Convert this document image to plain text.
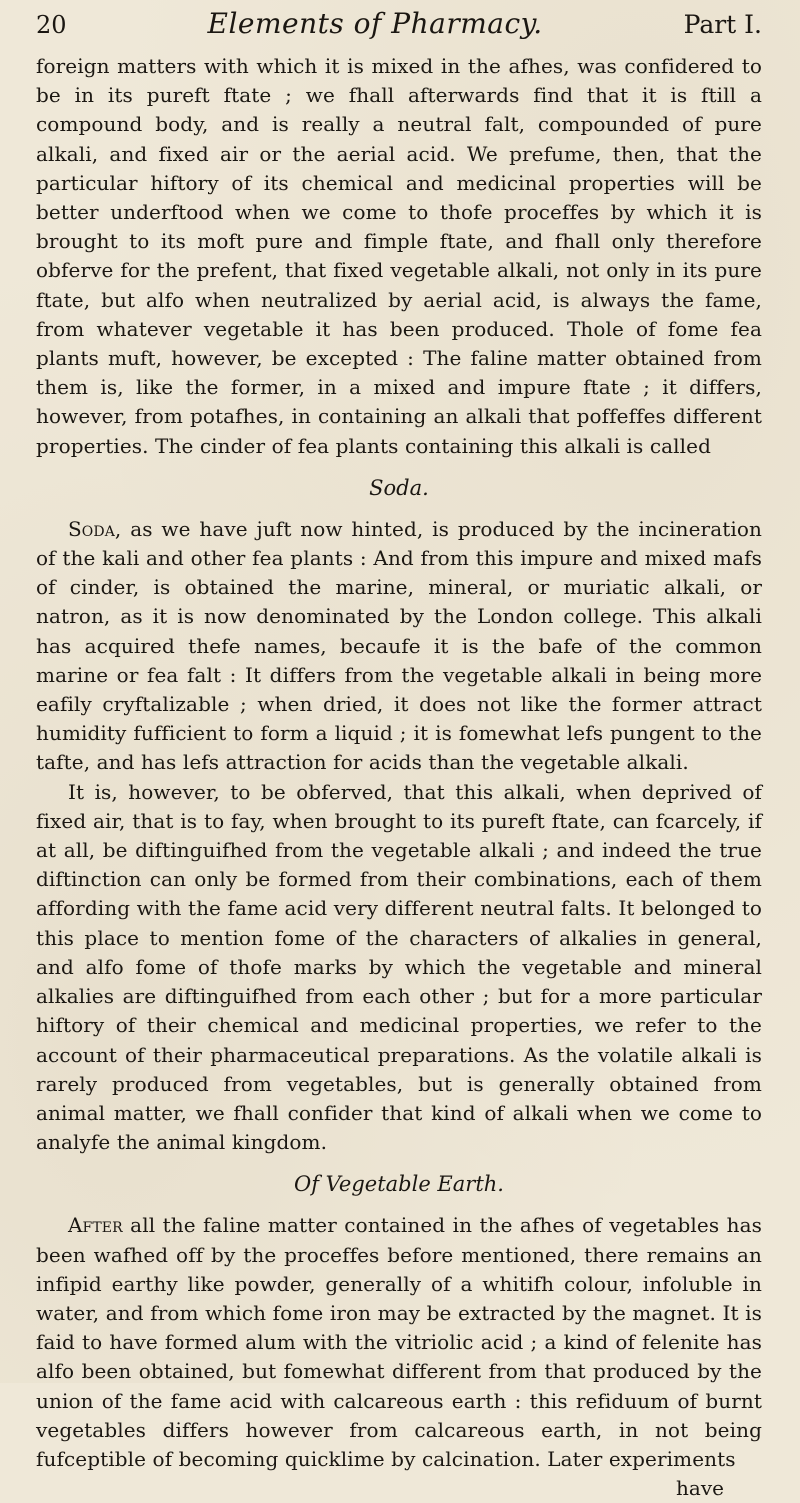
20	Elements of Pharmacy.	Part I.

foreign matters with which it is mixed in the afhes, was confidered to be in its pureft ftate ; we fhall afterwards find that it is ftill a compound body, and is really a neutral falt, compounded of pure alkali, and fixed air or the aerial acid. We prefume, then, that the particular hiftory of its chemical and medicinal properties will be better underftood when we come to thofe proceffes by which it is brought to its moft pure and fimple ftate, and fhall only therefore obferve for the prefent, that fixed vegetable alkali, not only in its pure ftate, but alfo when neutralized by aerial acid, is always the fame, from whatever vegetable it has been produced. Thole of fome fea plants muft, however, be excepted : The faline matter obtained from them is, like the former, in a mixed and impure ftate ; it differs, however, from potafhes, in containing an alkali that poffeffes different properties. The cinder of fea plants containing this alkali is called

Soda.

Soda, as we have juft now hinted, is produced by the incineration of the kali and other fea plants : And from this impure and mixed mafs of cinder, is obtained the marine, mineral, or muriatic alkali, or natron, as it is now denominated by the London college. This alkali has acquired thefe names, becaufe it is the bafe of the common marine or fea falt : It differs from the vegetable alkali in being more eafily cryftalizable ; when dried, it does not like the former attract humidity fufficient to form a liquid ; it is fomewhat lefs pungent to the tafte, and has lefs attraction for acids than the vegetable alkali.

It is, however, to be obferved, that this alkali, when deprived of fixed air, that is to fay, when brought to its pureft ftate, can fcarcely, if at all, be diftinguifhed from the vegetable alkali ; and indeed the true diftinction can only be formed from their combinations, each of them affording with the fame acid very different neutral falts. It belonged to this place to mention fome of the characters of alkalies in general, and alfo fome of thofe marks by which the vegetable and mineral alkalies are diftinguifhed from each other ; but for a more particular hiftory of their chemical and medicinal properties, we refer to the account of their pharmaceutical preparations. As the volatile alkali is rarely produced from vegetables, but is generally obtained from animal matter, we fhall confider that kind of alkali when we come to analyfe the animal kingdom.

Of Vegetable Earth.

After all the faline matter contained in the afhes of vegetables has been wafhed off by the proceffes before mentioned, there remains an infipid earthy like powder, generally of a whitifh colour, infoluble in water, and from which fome iron may be extracted by the magnet. It is faid to have formed alum with the vitriolic acid ; a kind of felenite has alfo been obtained, but fomewhat different from that produced by the union of the fame acid with calcareous earth : this refiduum of burnt vegetables differs however from calcareous earth, in not being fufceptible of becoming quicklime by calcination. Later experiments

have
